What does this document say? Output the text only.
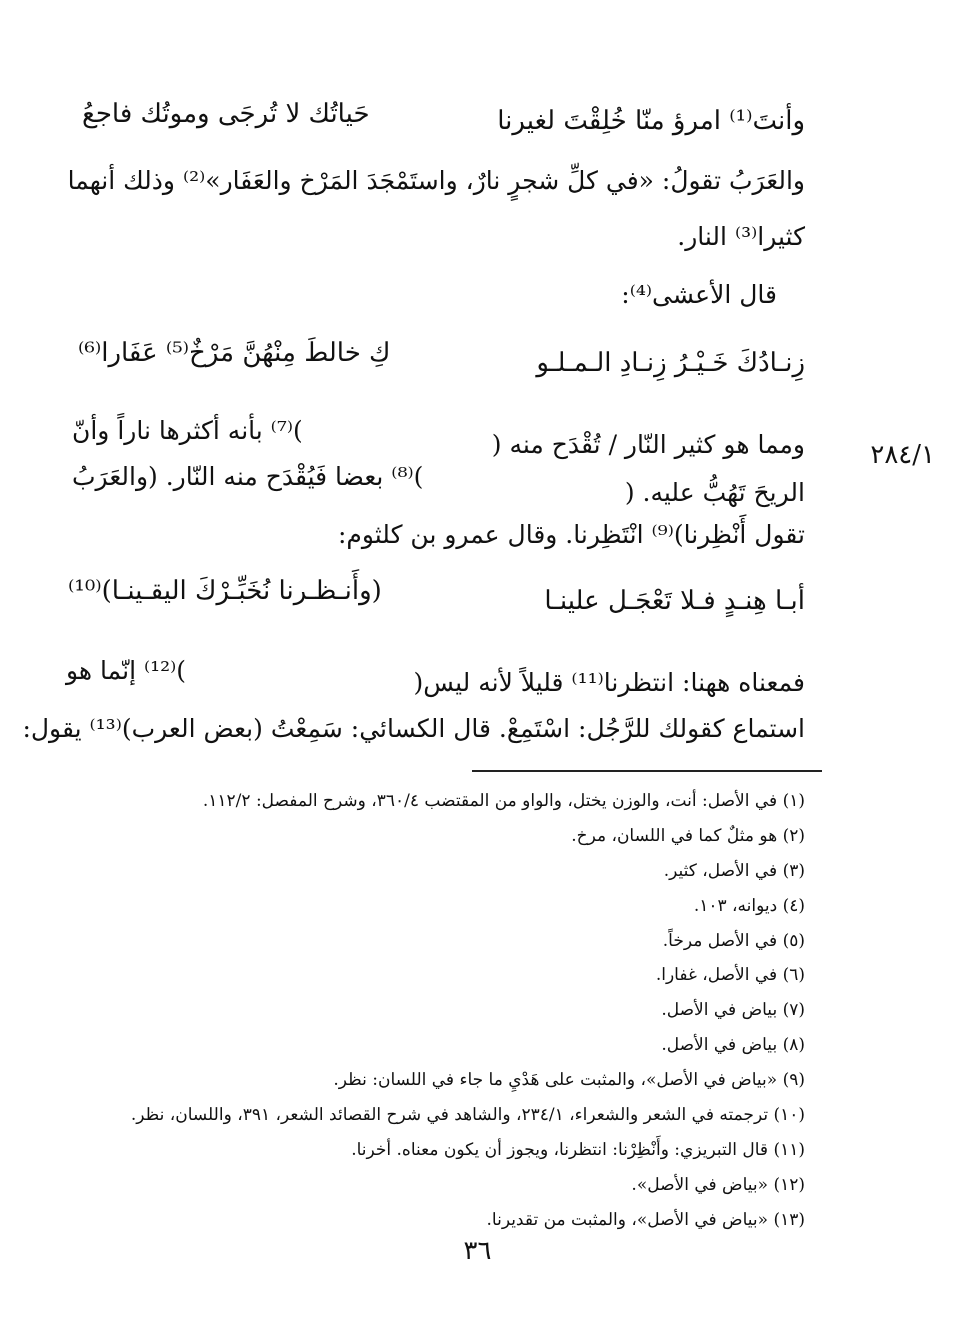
٢٨٤/١
وأنتَ⁽¹⁾ امرؤ منّا خُلِقْتَ لغيرنا
حَياتُك لا تُرجَى وموتُك فاجعُ
والعَرَبُ تقولُ: «في كلِّ شجرٍ نارٌ، واستَمْجَدَ المَرْخ والعَفَار»⁽²⁾ وذلك أنهما
كثيرا⁽³⁾ النار.
قال الأعشى⁽⁴⁾:
زِنـادُكَ خَـيْـرُ زِنـادِ الـمـلـو
كِ خالطَ مِنْهُنَّ مَرْخٌ⁽⁵⁾ عَفَارا⁽⁶⁾
ومما هو كثير النّار / تُقْدَح منه (
)⁽⁷⁾ بأنه أكثرها ناراً وأنّ
الريحَ تَهُبُّ عليه. (
)⁽⁸⁾ بعضا فَيُقْدَح منه النّار. (والعَرَبُ
تقول أَنْظِرنا)⁽⁹⁾ انْتَظِرنا. وقال عمرو بن كلثوم:
أبـا هِنـدٍ فـلا تَعْجَـل علينـا
(وأَنـظـرنا نُخَبِّـرْكَ اليقـينـا)⁽¹⁰⁾
فمعناه ههنا: انتظرنا⁽¹¹⁾ قليلاً لأنه ليس(
)⁽¹²⁾ إنّما هو
استماع كقولك للرَّجُل: اسْتَمِعْ. قال الكسائي: سَمِعْتُ (بعض العرب)⁽¹³⁾ يقول:
(١) في الأصل: أنت، والوزن يختل، والواو من المقتضب ٣٦٠/٤، وشرح المفصل: ١١٢/٢.
(٢) هو مثلٌ كما في اللسان، مرخ.
(٣) في الأصل، كثير.
(٤) ديوانه، ١٠٣.
(٥) في الأصل مرخاً.
(٦) في الأصل، غفارا.
(٧) بياض في الأصل.
(٨) بياض في الأصل.
(٩) «بياض في الأصل»، والمثبت على هَدْيِ ما جاء في اللسان: نظر.
(١٠) ترجمته في الشعر والشعراء، ٢٣٤/١، والشاهد في شرح القصائد الشعر، ٣٩١، واللسان، نظر.
(١١) قال التبريزي: وأَنْظِرْنا: انتظرنا، ويجوز أن يكون معناه. أخرنا.
(١٢) «بياض في الأصل».
(١٣) «بياض في الأصل»، والمثبت من تقديرنا.
٣٦
